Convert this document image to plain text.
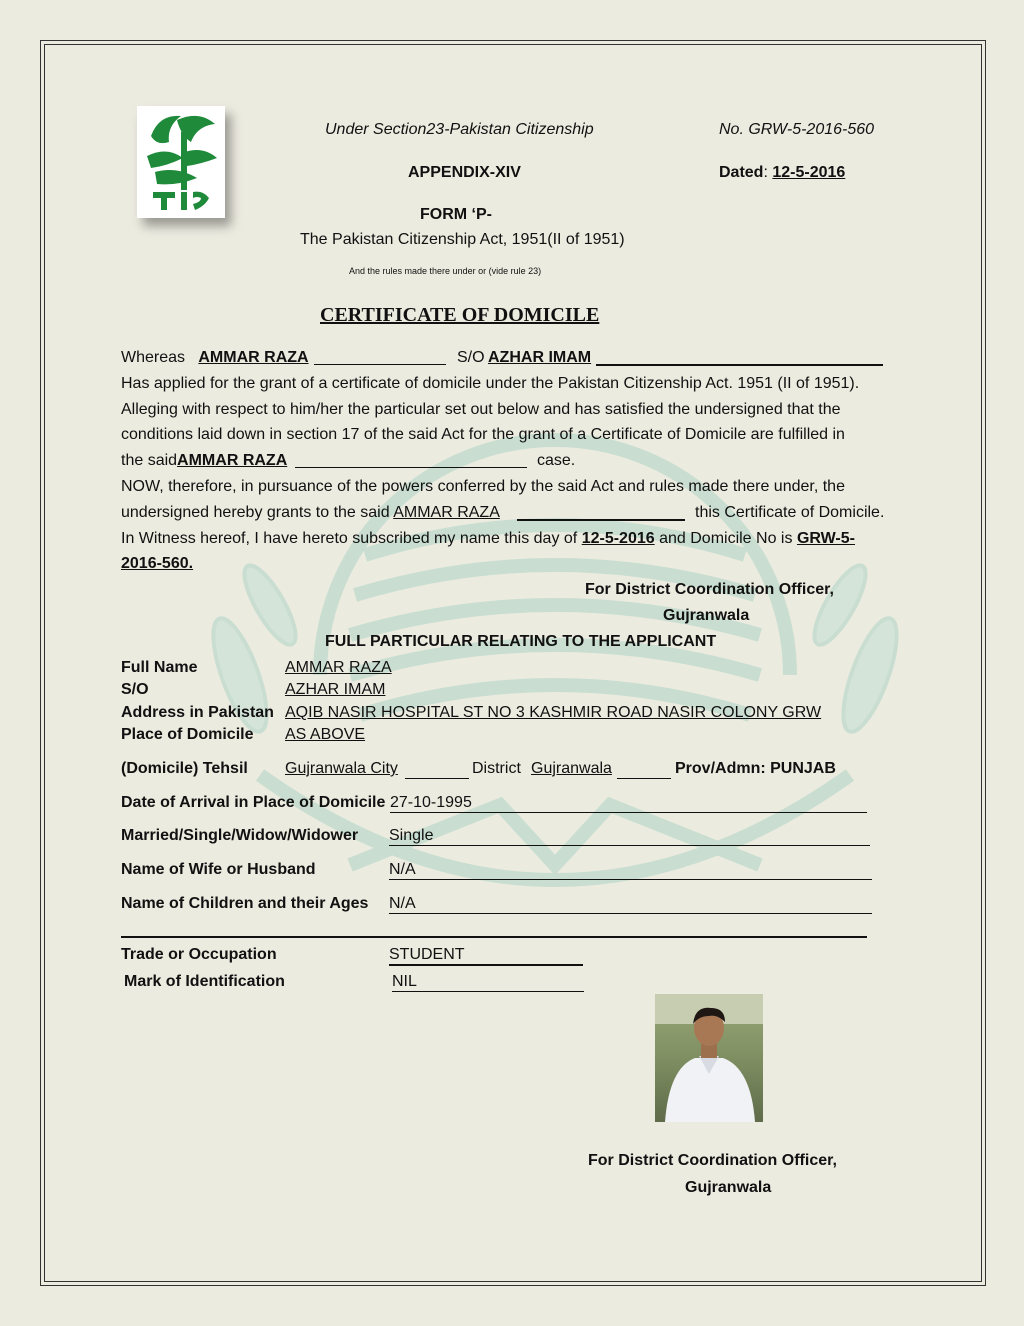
Under Section23-Pakistan Citizenship	No. GRW-5-2016-560
APPENDIX-XIV	Dated: 12-5-2016
FORM ‘P-
The Pakistan Citizenship Act, 1951(II of 1951)
And the rules made there under or (vide rule 23)
CERTIFICATE OF DOMICILE

Whereas AMMAR RAZA	S/O AZHAR IMAM

Has applied for the grant of a certificate of domicile under the Pakistan Citizenship Act. 1951 (II of 1951).

Alleging with respect to him/her the particular set out below and has satisfied the undersigned that the

conditions laid down in section 17 of the said Act for the grant of a Certificate of Domicile are fulfilled in

the saidAMMAR RAZA	case.

NOW, therefore, in pursuance of the powers conferred by the said Act and rules made there under, the

undersigned hereby grants to the said AMMAR RAZA	this Certificate of Domicile.

In Witness hereof, I have hereto subscribed my name this day of 12-5-2016 and Domicile No is GRW-5-

2016-560.

For District Coordination Officer,
Gujranwala
FULL PARTICULAR RELATING TO THE APPLICANT
Full Name	AMMAR RAZA
S/O	AZHAR IMAM
Address in Pakistan AQIB NASIR HOSPITAL ST NO 3 KASHMIR ROAD NASIR COLONY GRW
Place of Domicile AS ABOVE
(Domicile) Tehsil Gujranwala City	District Gujranwala	Prov/Admn: PUNJAB
Date of Arrival in Place of Domicile 27-10-1995
Married/Single/Widow/Widower Single
Name of Wife or Husband	N/A
Name of Children and their Ages N/A
Trade or Occupation	STUDENT
Mark of Identification	NIL
For District Coordination Officer,
Gujranwala
